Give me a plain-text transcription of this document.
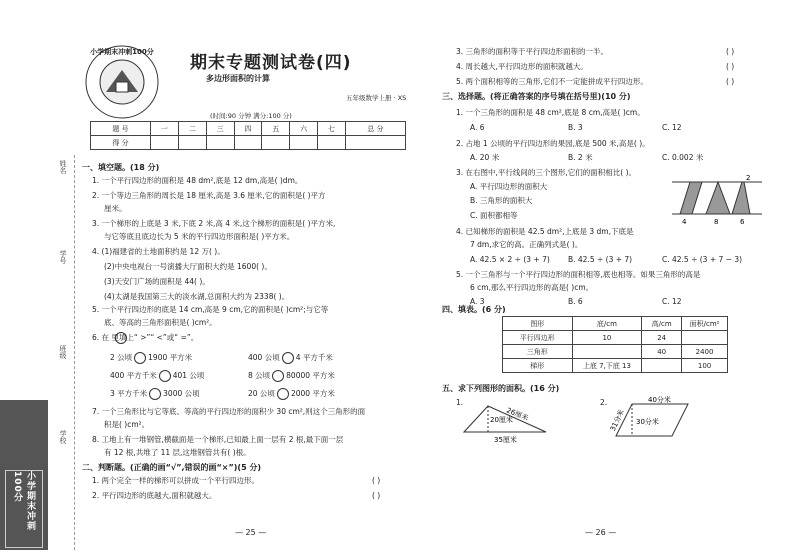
姓名
学号
班级
学校
小学期末冲刺100分
小学期末冲刺100分
期末专题测试卷(四)
多边形面积的计算
五年级数学上册 · XS
(时间:90 分钟 满分:100 分)
题 号	一	二	三	四	五	六	七	总 分
得 分								
一、填空题。(18 分)
1. 一个平行四边形的面积是 48 dm²,底是 12 dm,高是( )dm。
2. 一个等边三角形的周长是 18 厘米,高是 3.6 厘米,它的面积是( )平方
厘米。
3. 一个梯形的上底是 3 米,下底 2 米,高 4 米,这个梯形的面积是( )平方米,
与它等底且底边长为 5 米的平行四边形面积是( )平方米。
4. (1)福建省的土地面积约是 12 万( )。
(2)中央电视台一号演播大厅面积大约是 1600( )。
(3)天安门广场的面积是 44( )。
(4)太湖是我国第三大的淡水湖,总面积大约为 2338( )。
5. 一个平行四边形的底是 14 cm,高是 9 cm,它的面积是( )cm²;与它等
底、等高的三角形面积是( )cm²。
6. 在 里填上“ >”“ <”或“ =”。
2 公顷 1900 平方米	400 公顷 4 平方千米
400 平方千米 401 公顷	8 公顷 80000 平方米
3 平方千米 3000 公顷	20 公顷 2000 平方米
7. 一个三角形比与它等底、等高的平行四边形的面积少 30 cm²,则这个三角形的面
积是( )cm²。
8. 工地上有一堆钢管,横截面是一个梯形,已知最上面一层有 2 根,最下面一层
有 12 根,共堆了 11 层,这堆钢管共有( )根。
二、判断题。(正确的画“√”,错误的画“×”)(5 分)
1. 两个完全一样的梯形可以拼成一个平行四边形。	( )
2. 平行四边形的底越大,面积就越大。	( )
— 25 —
3. 三角形的面积等于平行四边形面积的一半。	( )
4. 周长越大,平行四边形的面积就越大。	( )
5. 两个面积相等的三角形,它们不一定能拼成平行四边形。	( )
三、选择题。(将正确答案的序号填在括号里)(10 分)
1. 一个三角形的面积是 48 cm²,底是 8 cm,高是( )cm。
A. 6	B. 3	C. 12
2. 占地 1 公顷的平行四边形的果园,底是 500 米,高是( )。
A. 20 米	B. 2 米	C. 0.002 米
3. 在右图中,平行线间的三个图形,它们的面积相比( )。
A. 平行四边形的面积大
B. 三角形的面积大
C. 面积都相等
2
4	8	6
4. 已知梯形的面积是 42.5 dm²,上底是 3 dm,下底是
7 dm,求它的高。正确列式是( )。
A. 42.5 × 2 ÷ (3 + 7) B. 42.5 ÷ (3 + 7)	C. 42.5 ÷ (3 + 7 − 3)
5. 一个三角形与一个平行四边形的面积相等,底也相等。如果三角形的高是
6 cm,那么平行四边形的高是( )cm。
A. 3	B. 6	C. 12
四、填表。(6 分)
图形	底/cm	高/cm	面积/cm²
平行四边形	10	24	
三角形		40	2400
梯形	上底 7,下底 13		100
五、求下列图形的面积。(16 分)
1.
20厘米
26厘米
35厘米
2.	40分米
31分米 30分米
— 26 —
